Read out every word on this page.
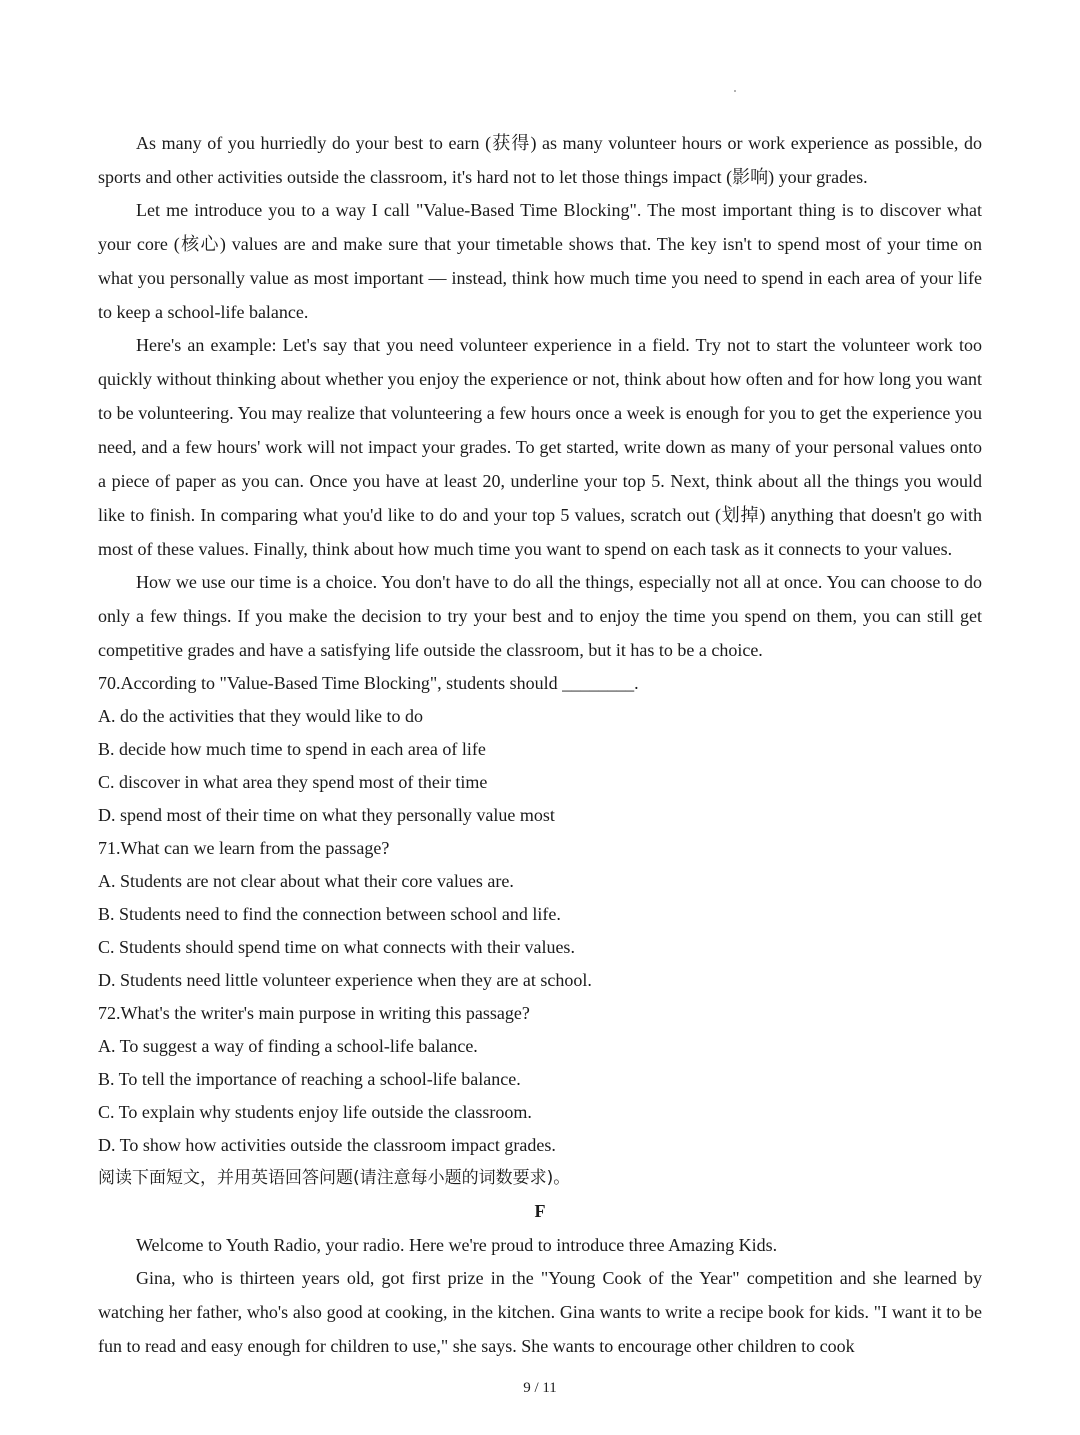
As many of you hurriedly do your best to earn (获得) as many volunteer hours or work experience as possible, do sports and other activities outside the classroom, it's hard not to let those things impact (影响) your grades.

Let me introduce you to a way I call "Value-Based Time Blocking". The most important thing is to discover what your core (核心) values are and make sure that your timetable shows that. The key isn't to spend most of your time on what you personally value as most important — instead, think how much time you need to spend in each area of your life to keep a school-life balance.

Here's an example: Let's say that you need volunteer experience in a field. Try not to start the volunteer work too quickly without thinking about whether you enjoy the experience or not, think about how often and for how long you want to be volunteering. You may realize that volunteering a few hours once a week is enough for you to get the experience you need, and a few hours' work will not impact your grades. To get started, write down as many of your personal values onto a piece of paper as you can. Once you have at least 20, underline your top 5. Next, think about all the things you would like to finish. In comparing what you'd like to do and your top 5 values, scratch out (划掉) anything that doesn't go with most of these values. Finally, think about how much time you want to spend on each task as it connects to your values.

How we use our time is a choice. You don't have to do all the things, especially not all at once. You can choose to do only a few things. If you make the decision to try your best and to enjoy the time you spend on them, you can still get competitive grades and have a satisfying life outside the classroom, but it has to be a choice.

70.According to "Value-Based Time Blocking", students should ________.

A. do the activities that they would like to do

B. decide how much time to spend in each area of life

C. discover in what area they spend most of their time

D. spend most of their time on what they personally value most

71.What can we learn from the passage?

A. Students are not clear about what their core values are.

B. Students need to find the connection between school and life.

C. Students should spend time on what connects with their values.

D. Students need little volunteer experience when they are at school.

72.What's the writer's main purpose in writing this passage?

A. To suggest a way of finding a school-life balance.

B. To tell the importance of reaching a school-life balance.

C. To explain why students enjoy life outside the classroom.

D. To show how activities outside the classroom impact grades.

阅读下面短文，并用英语回答问题(请注意每小题的词数要求)。

F

Welcome to Youth Radio, your radio. Here we're proud to introduce three Amazing Kids.

Gina, who is thirteen years old, got first prize in the "Young Cook of the Year" competition and she learned by watching her father, who's also good at cooking, in the kitchen. Gina wants to write a recipe book for kids. "I want it to be fun to read and easy enough for children to use," she says. She wants to encourage other children to cook

9 / 11
